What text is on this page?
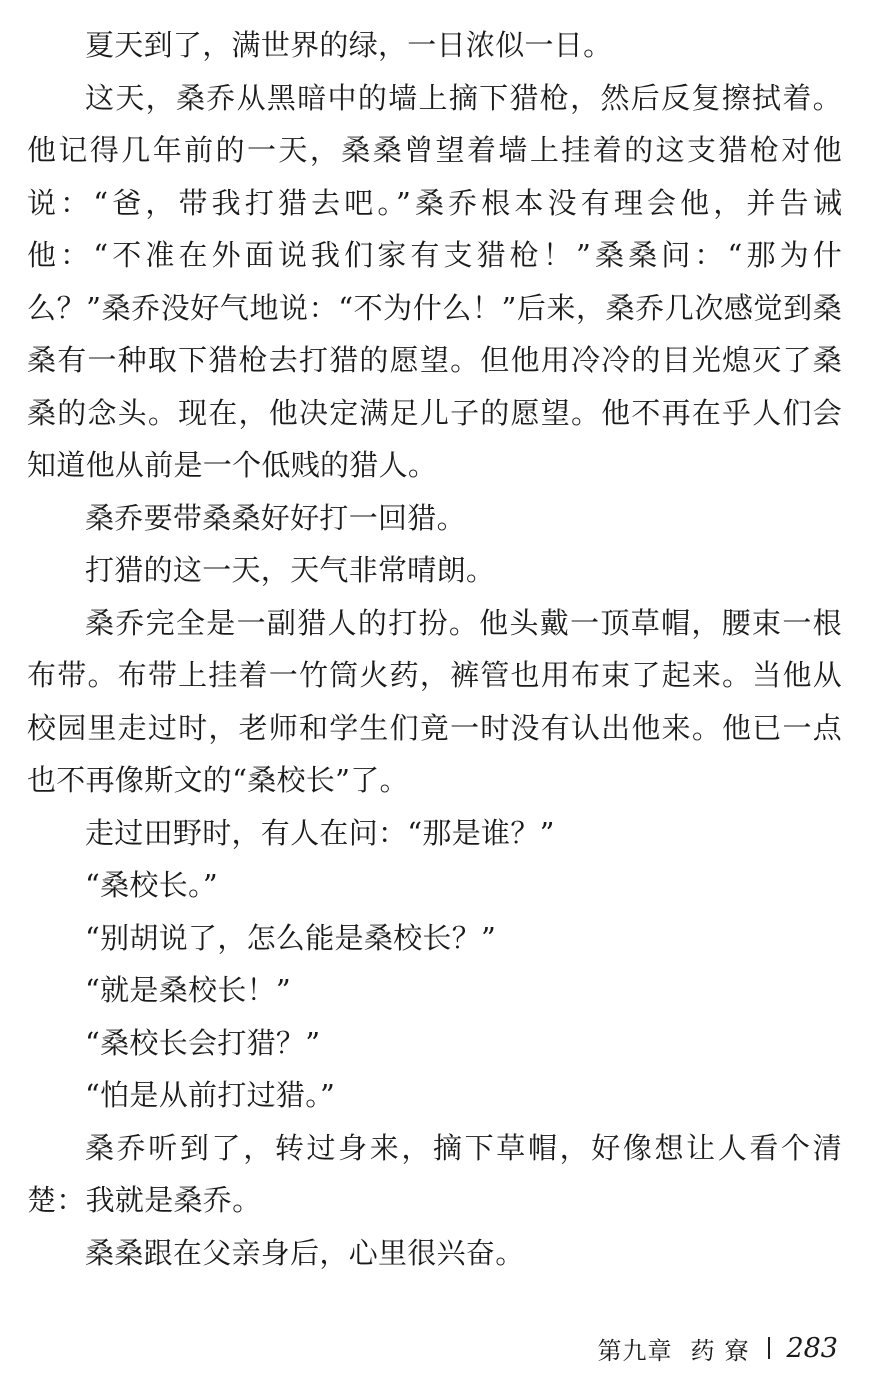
夏天到了，满世界的绿，一日浓似一日。

这天，桑乔从黑暗中的墙上摘下猎枪，然后反复擦拭着。他记得几年前的一天，桑桑曾望着墙上挂着的这支猎枪对他说：“爸，带我打猎去吧。”桑乔根本没有理会他，并告诫他：“不准在外面说我们家有支猎枪！”桑桑问：“那为什么？”桑乔没好气地说：“不为什么！”后来，桑乔几次感觉到桑桑有一种取下猎枪去打猎的愿望。但他用冷冷的目光熄灭了桑桑的念头。现在，他决定满足儿子的愿望。他不再在乎人们会知道他从前是一个低贱的猎人。

桑乔要带桑桑好好打一回猎。

打猎的这一天，天气非常晴朗。

桑乔完全是一副猎人的打扮。他头戴一顶草帽，腰束一根布带。布带上挂着一竹筒火药，裤管也用布束了起来。当他从校园里走过时，老师和学生们竟一时没有认出他来。他已一点也不再像斯文的“桑校长”了。

走过田野时，有人在问：“那是谁？”

“桑校长。”

“别胡说了，怎么能是桑校长？”

“就是桑校长！”

“桑校长会打猎？”

“怕是从前打过猎。”

桑乔听到了，转过身来，摘下草帽，好像想让人看个清楚：我就是桑乔。

桑桑跟在父亲身后，心里很兴奋。

第九章 药寮 283
